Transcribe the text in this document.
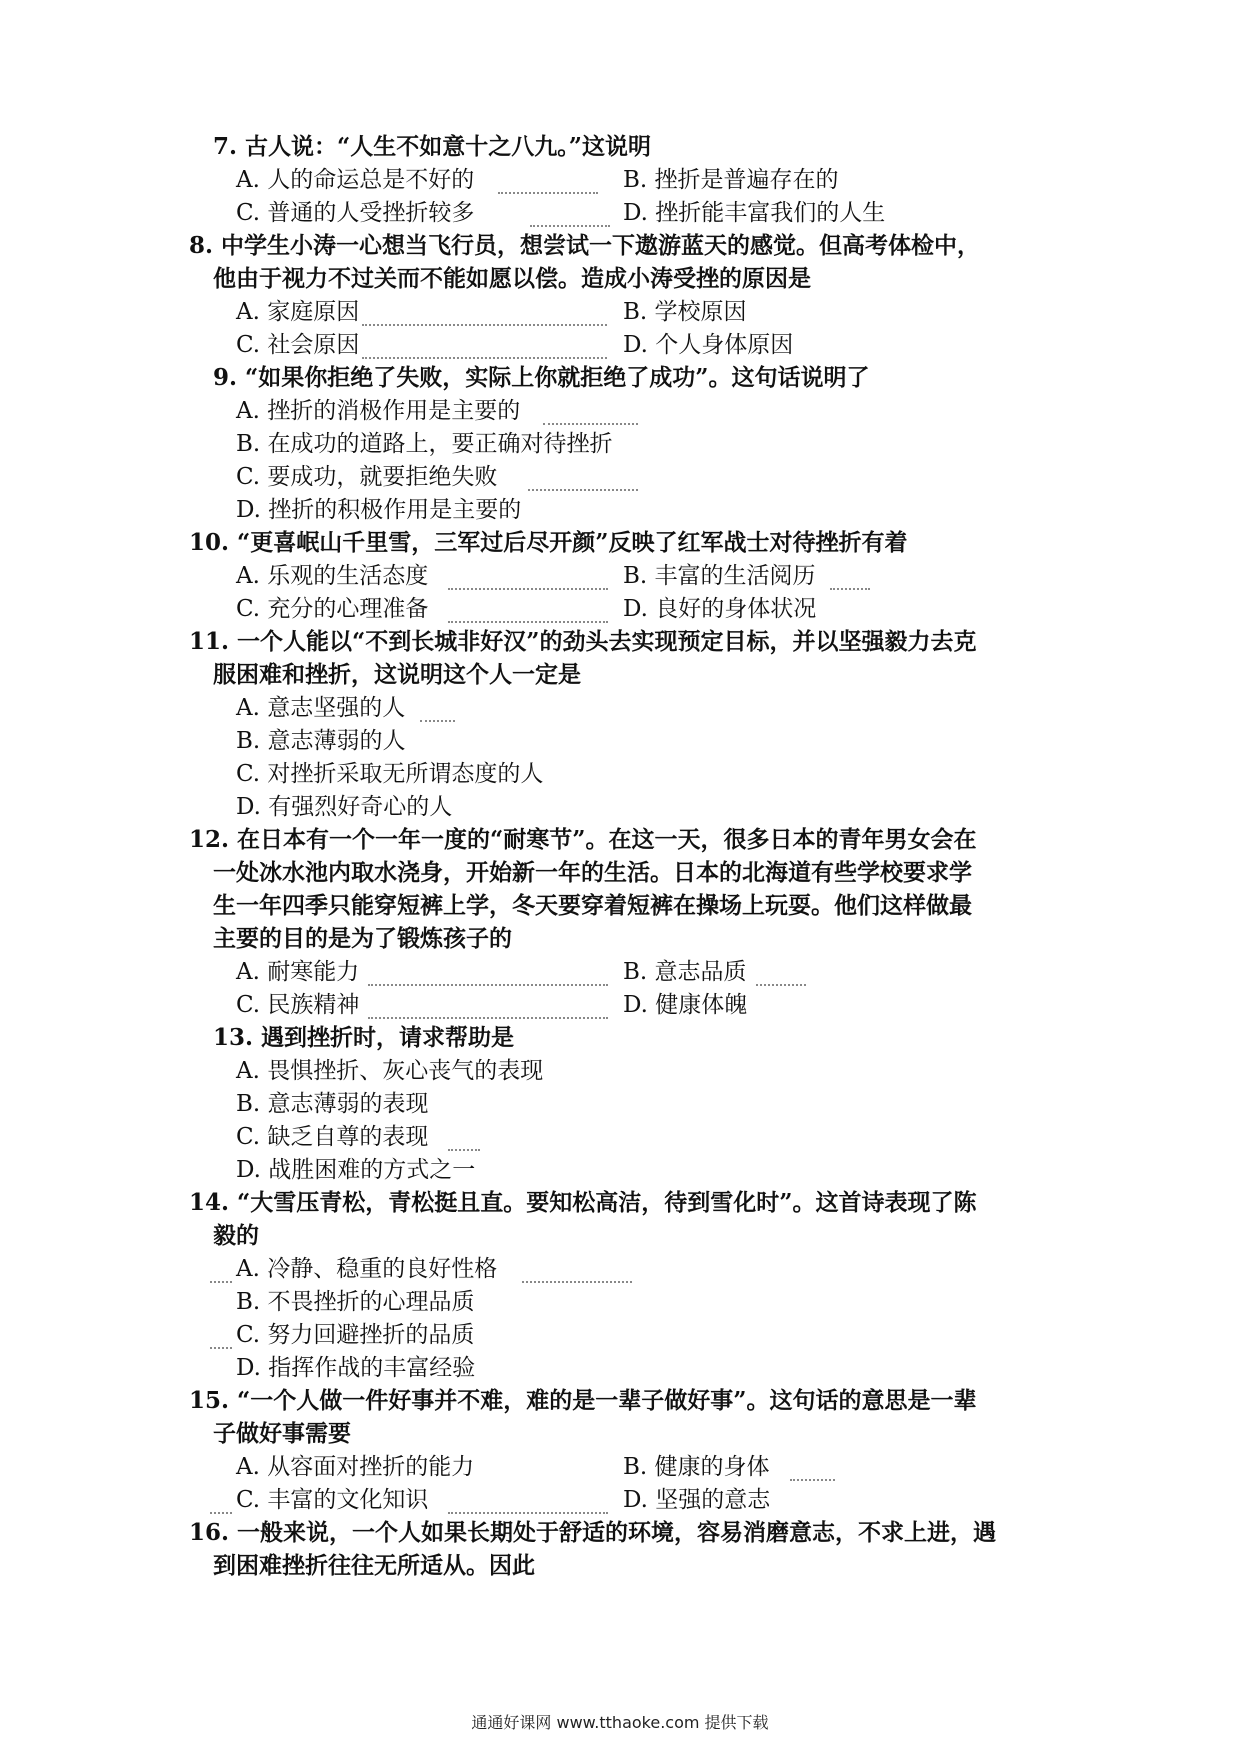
7. 古人说：“人生不如意十之八九。”这说明
A. 人的命运总是不好的	B. 挫折是普遍存在的
C. 普通的人受挫折较多	D. 挫折能丰富我们的人生
8. 中学生小涛一心想当飞行员，想尝试一下遨游蓝天的感觉。但高考体检中，
他由于视力不过关而不能如愿以偿。造成小涛受挫的原因是
A. 家庭原因	B. 学校原因
C. 社会原因	D. 个人身体原因
9. “如果你拒绝了失败，实际上你就拒绝了成功”。这句话说明了
A. 挫折的消极作用是主要的
B. 在成功的道路上，要正确对待挫折
C. 要成功，就要拒绝失败
D. 挫折的积极作用是主要的
10. “更喜岷山千里雪，三军过后尽开颜”反映了红军战士对待挫折有着
A. 乐观的生活态度	B. 丰富的生活阅历
C. 充分的心理准备	D. 良好的身体状况
11. 一个人能以“不到长城非好汉”的劲头去实现预定目标，并以坚强毅力去克
服困难和挫折，这说明这个人一定是
A. 意志坚强的人
B. 意志薄弱的人
C. 对挫折采取无所谓态度的人
D. 有强烈好奇心的人
12. 在日本有一个一年一度的“耐寒节”。在这一天，很多日本的青年男女会在
一处冰水池内取水浇身，开始新一年的生活。日本的北海道有些学校要求学
生一年四季只能穿短裤上学，冬天要穿着短裤在操场上玩耍。他们这样做最
主要的目的是为了锻炼孩子的
A. 耐寒能力	B. 意志品质
C. 民族精神	D. 健康体魄
13. 遇到挫折时，请求帮助是
A. 畏惧挫折、灰心丧气的表现
B. 意志薄弱的表现
C. 缺乏自尊的表现
D. 战胜困难的方式之一
14. “大雪压青松，青松挺且直。要知松高洁，待到雪化时”。这首诗表现了陈
毅的
A. 冷静、稳重的良好性格
B. 不畏挫折的心理品质
C. 努力回避挫折的品质
D. 指挥作战的丰富经验
15. “一个人做一件好事并不难，难的是一辈子做好事”。这句话的意思是一辈
子做好事需要
A. 从容面对挫折的能力	B. 健康的身体
C. 丰富的文化知识	D. 坚强的意志
16. 一般来说，一个人如果长期处于舒适的环境，容易消磨意志，不求上进，遇
到困难挫折往往无所适从。因此
通通好课网 www.tthaoke.com 提供下载
